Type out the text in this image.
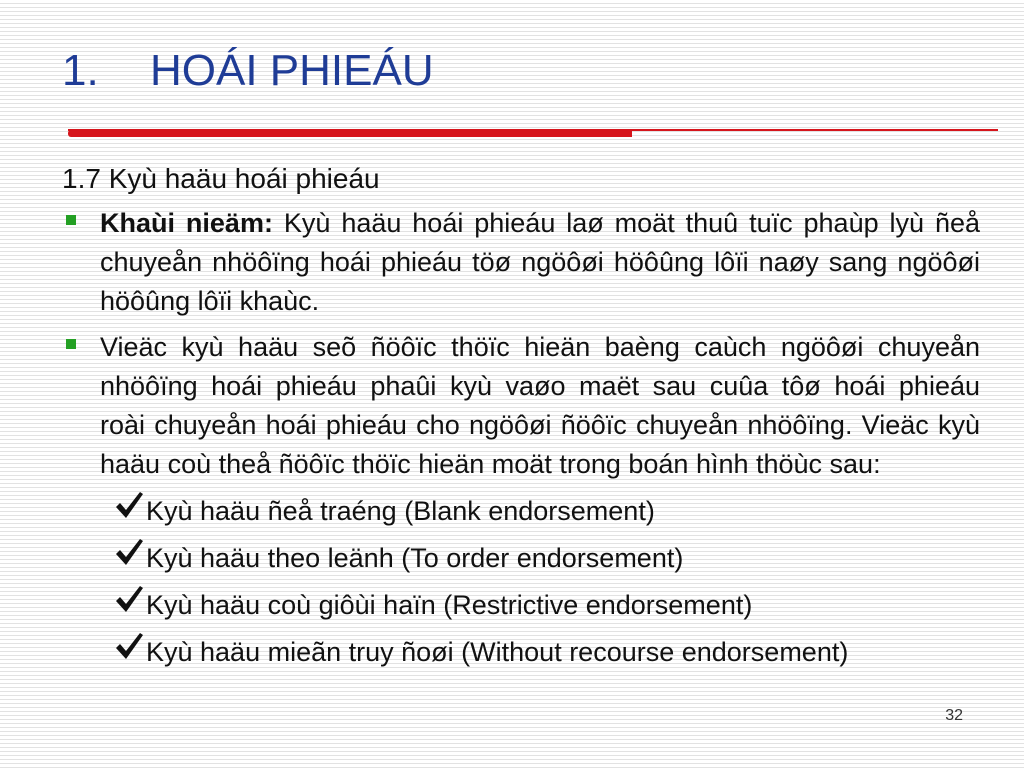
1. HOÁI PHIEÁU
1.7 Kyù haäu hoái phieáu
Khaùi nieäm: Kyù haäu hoái phieáu laø moät thuû tuïc phaùp lyù ñeå
chuyeån nhöôïng hoái phieáu töø ngöôøi höôûng lôïi naøy sang ngöôøi
höôûng lôïi khaùc.
Vieäc kyù haäu seõ ñöôïc thöïc hieän baèng caùch ngöôøi chuyeån
nhöôïng hoái phieáu phaûi kyù vaøo maët sau cuûa tôø hoái phieáu
roài chuyeån hoái phieáu cho ngöôøi ñöôïc chuyeån nhöôïng. Vieäc kyù
haäu coù theå ñöôïc thöïc hieän moät trong boán hình thöùc sau:
Kyù haäu ñeå traéng (Blank endorsement)
Kyù haäu theo leänh (To order endorsement)
Kyù haäu coù giôùi haïn (Restrictive endorsement)
Kyù haäu mieãn truy ñoøi (Without recourse endorsement)
32
